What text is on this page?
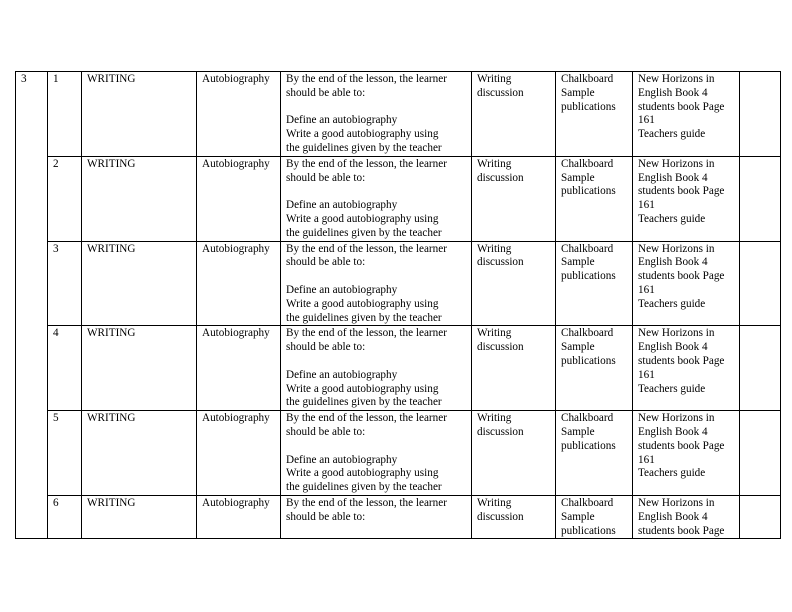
3	1	WRITING	Autobiography	By the end of the lesson, the learner
should be able to:
Define an autobiography
Write a good autobiography using
the guidelines given by the teacher	Writing
discussion	Chalkboard
Sample
publications	New Horizons in
English Book 4
students book Page
161
Teachers guide	

	2	WRITING	Autobiography	By the end of the lesson, the learner
should be able to:
Define an autobiography
Write a good autobiography using
the guidelines given by the teacher	Writing
discussion	Chalkboard
Sample
publications	New Horizons in
English Book 4
students book Page
161
Teachers guide	

	3	WRITING	Autobiography	By the end of the lesson, the learner
should be able to:
Define an autobiography
Write a good autobiography using
the guidelines given by the teacher	Writing
discussion	Chalkboard
Sample
publications	New Horizons in
English Book 4
students book Page
161
Teachers guide	

	4	WRITING	Autobiography	By the end of the lesson, the learner
should be able to:
Define an autobiography
Write a good autobiography using
the guidelines given by the teacher	Writing
discussion	Chalkboard
Sample
publications	New Horizons in
English Book 4
students book Page
161
Teachers guide	

	5	WRITING	Autobiography	By the end of the lesson, the learner
should be able to:
Define an autobiography
Write a good autobiography using
the guidelines given by the teacher	Writing
discussion	Chalkboard
Sample
publications	New Horizons in
English Book 4
students book Page
161
Teachers guide	

	6	WRITING	Autobiography	By the end of the lesson, the learner
should be able to:	Writing
discussion	Chalkboard
Sample
publications	New Horizons in
English Book 4
students book Page	
